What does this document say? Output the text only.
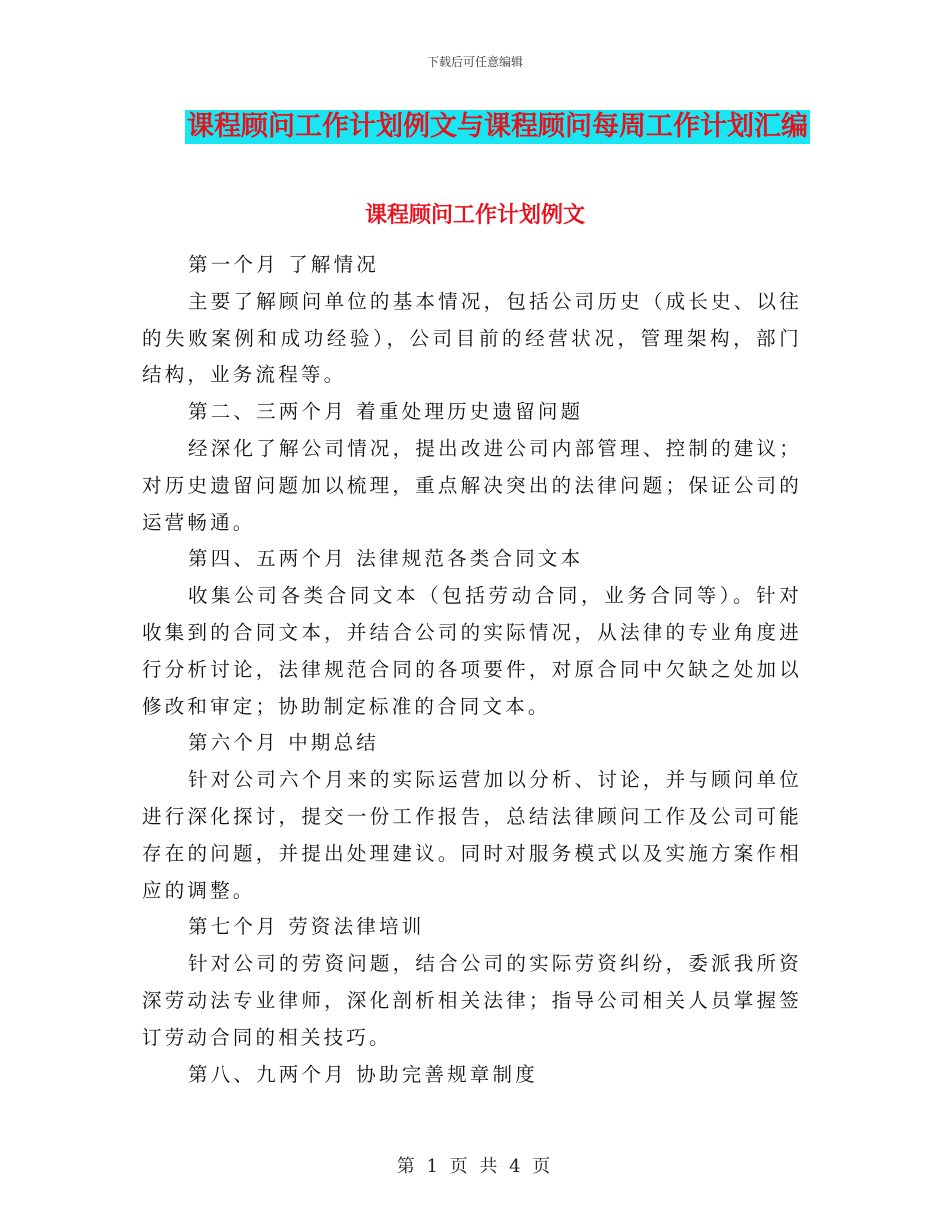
下载后可任意编辑
课程顾问工作计划例文与课程顾问每周工作计划汇编
课程顾问工作计划例文

第一个月 了解情况

主要了解顾问单位的基本情况，包括公司历史（成长史、以往的失败案例和成功经验），公司目前的经营状况，管理架构，部门结构，业务流程等。

第二、三两个月 着重处理历史遗留问题

经深化了解公司情况，提出改进公司内部管理、控制的建议；对历史遗留问题加以梳理，重点解决突出的法律问题；保证公司的运营畅通。

第四、五两个月 法律规范各类合同文本

收集公司各类合同文本（包括劳动合同，业务合同等）。针对收集到的合同文本，并结合公司的实际情况，从法律的专业角度进行分析讨论，法律规范合同的各项要件，对原合同中欠缺之处加以修改和审定；协助制定标准的合同文本。

第六个月 中期总结

针对公司六个月来的实际运营加以分析、讨论，并与顾问单位进行深化探讨，提交一份工作报告，总结法律顾问工作及公司可能存在的问题，并提出处理建议。同时对服务模式以及实施方案作相应的调整。

第七个月 劳资法律培训

针对公司的劳资问题，结合公司的实际劳资纠纷，委派我所资深劳动法专业律师，深化剖析相关法律；指导公司相关人员掌握签订劳动合同的相关技巧。

第八、九两个月 协助完善规章制度

第 1 页 共 4 页
